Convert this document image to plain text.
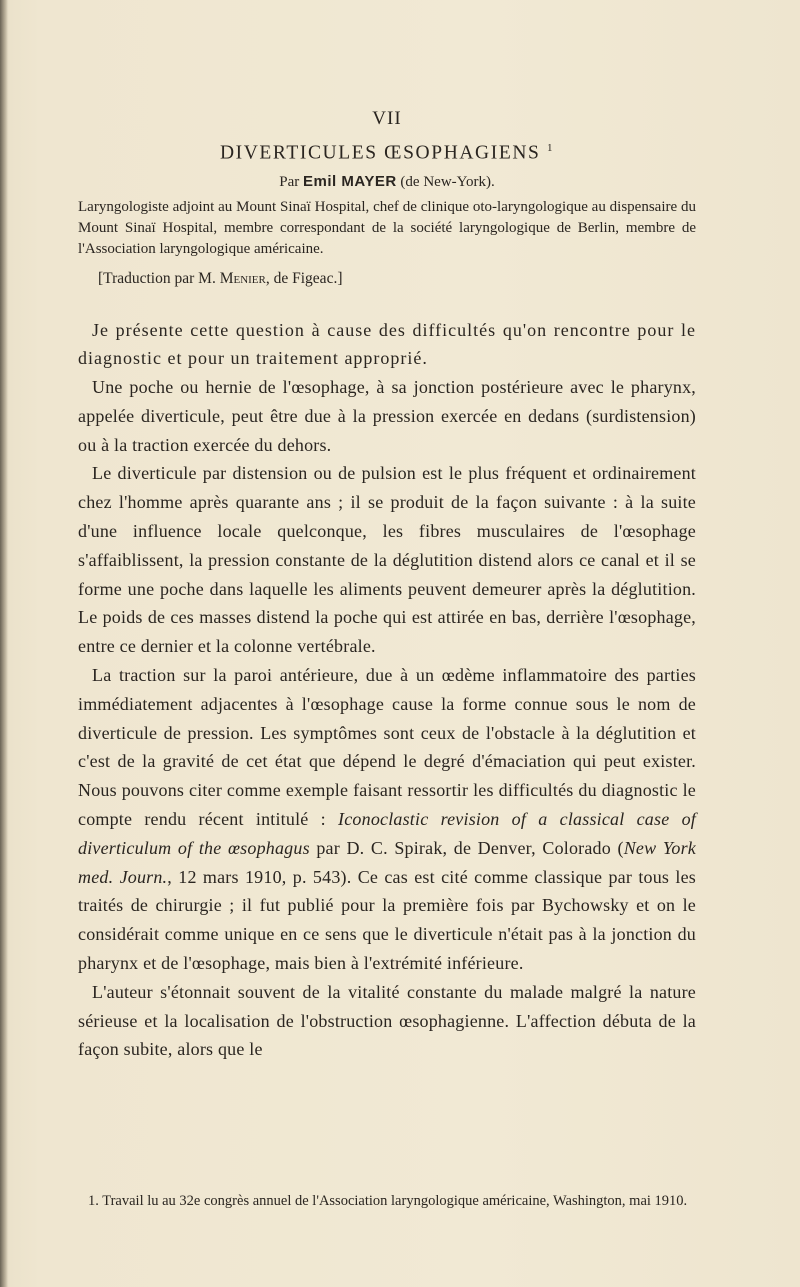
VII
DIVERTICULES ŒSOPHAGIENS $^1$
Par Emil MAYER (de New-York).

Laryngologiste adjoint au Mount Sinaï Hospital, chef de clinique oto-laryngologique au dispensaire du Mount Sinaï Hospital, membre correspondant de la société laryngologique de Berlin, membre de l'Association laryngologique américaine.

[Traduction par M. Menier, de Figeac.]

Je présente cette question à cause des difficultés qu'on rencontre pour le diagnostic et pour un traitement approprié.

Une poche ou hernie de l'œsophage, à sa jonction postérieure avec le pharynx, appelée diverticule, peut être due à la pression exercée en dedans (surdistension) ou à la traction exercée du dehors.

Le diverticule par distension ou de pulsion est le plus fréquent et ordinairement chez l'homme après quarante ans ; il se produit de la façon suivante : à la suite d'une influence locale quelconque, les fibres musculaires de l'œsophage s'affaiblissent, la pression constante de la déglutition distend alors ce canal et il se forme une poche dans laquelle les aliments peuvent demeurer après la déglutition. Le poids de ces masses distend la poche qui est attirée en bas, derrière l'œsophage, entre ce dernier et la colonne vertébrale.

La traction sur la paroi antérieure, due à un œdème inflammatoire des parties immédiatement adjacentes à l'œsophage cause la forme connue sous le nom de diverticule de pression. Les symptômes sont ceux de l'obstacle à la déglutition et c'est de la gravité de cet état que dépend le degré d'émaciation qui peut exister. Nous pouvons citer comme exemple faisant ressortir les difficultés du diagnostic le compte rendu récent intitulé : Iconoclastic revision of a classical case of diverticulum of the œsophagus par D. C. Spirak, de Denver, Colorado (New York med. Journ., 12 mars 1910, p. 543). Ce cas est cité comme classique par tous les traités de chirurgie ; il fut publié pour la première fois par Bychowsky et on le considérait comme unique en ce sens que le diverticule n'était pas à la jonction du pharynx et de l'œsophage, mais bien à l'extrémité inférieure.

L'auteur s'étonnait souvent de la vitalité constante du malade malgré la nature sérieuse et la localisation de l'obstruction œsophagienne. L'affection débuta de la façon subite, alors que le

1. Travail lu au 32e congrès annuel de l'Association laryngologique américaine, Washington, mai 1910.
